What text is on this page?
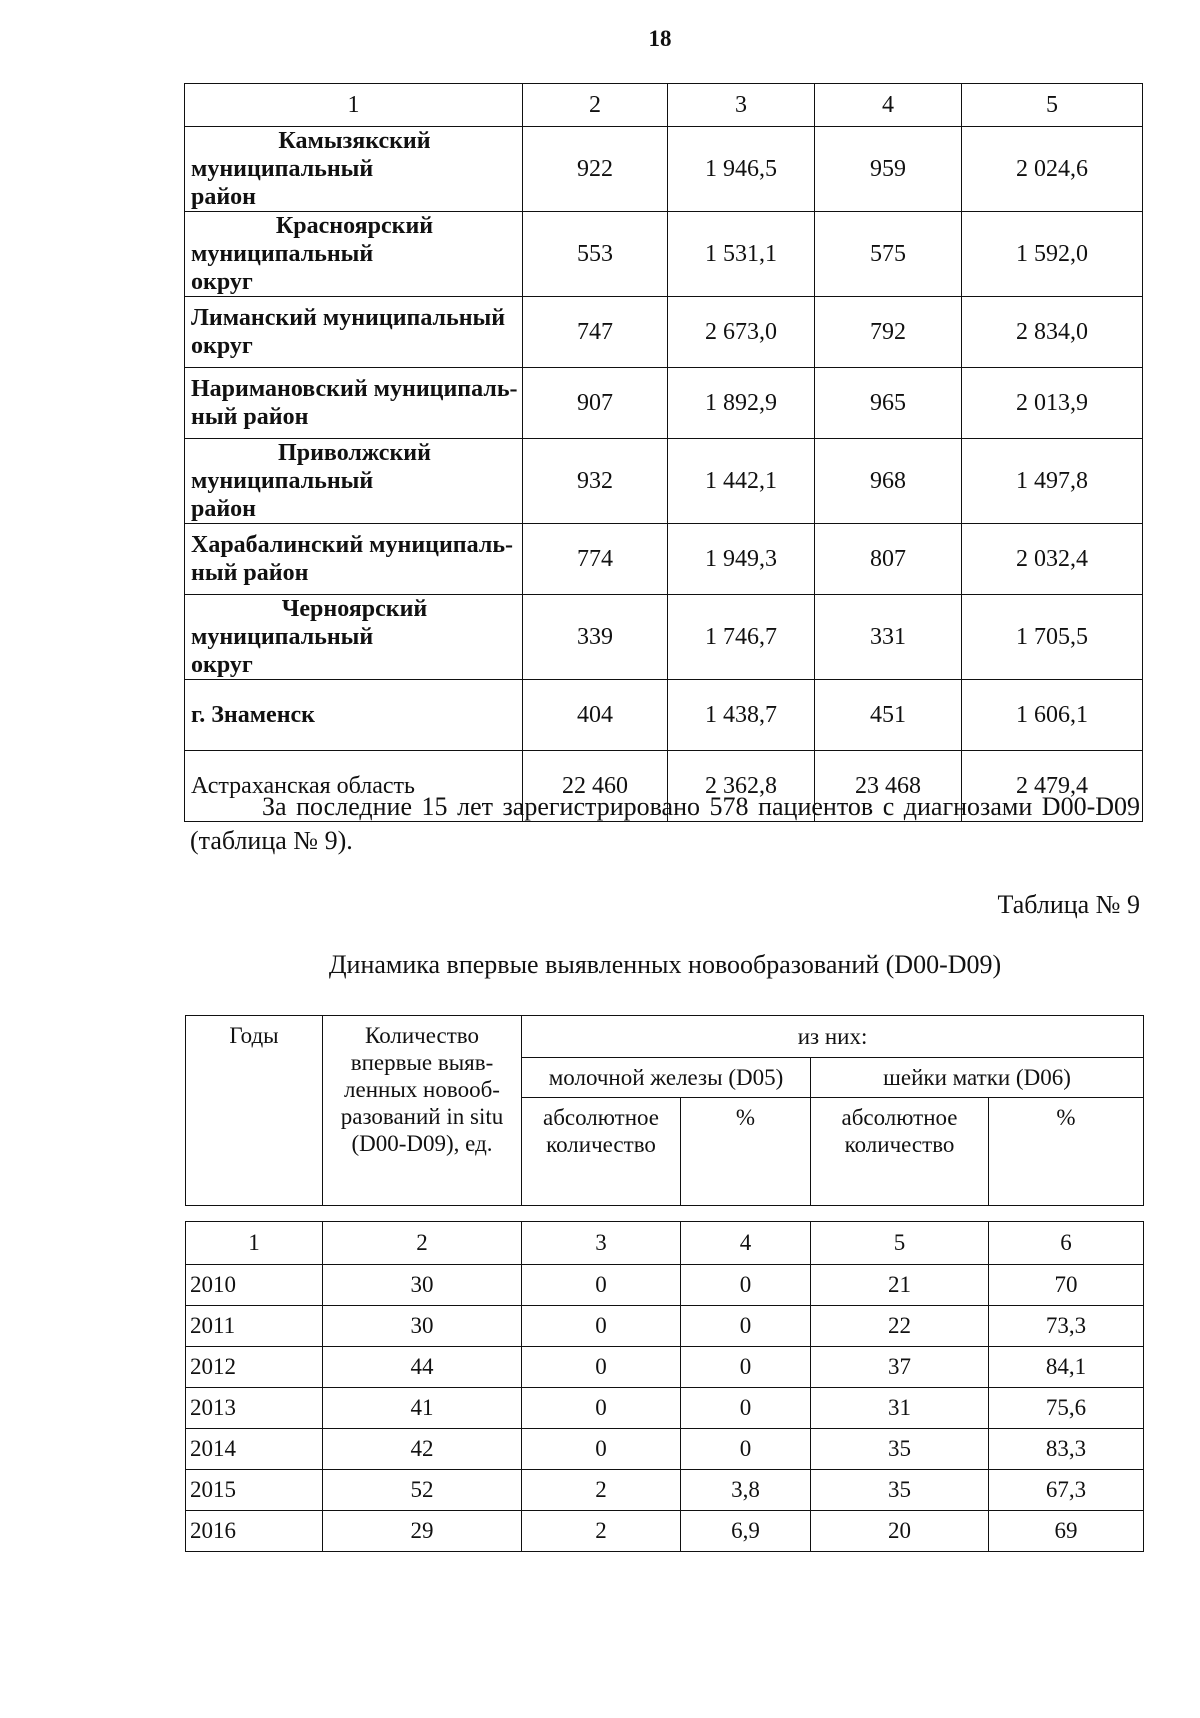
18
1	2	3	4	5
Камызякский муниципальный
район	922	1 946,5	959	2 024,6
Красноярский муниципальный
округ	553	1 531,1	575	1 592,0
Лиманский муниципальный
округ	747	2 673,0	792	2 834,0
Наримановский муниципаль-
ный район	907	1 892,9	965	2 013,9
Приволжский муниципальный
район	932	1 442,1	968	1 497,8
Харабалинский муниципаль-
ный район	774	1 949,3	807	2 032,4
Черноярский муниципальный
округ	339	1 746,7	331	1 705,5
г. Знаменск	404	1 438,7	451	1 606,1
Астраханская область	22 460	2 362,8	23 468	2 479,4
За последние 15 лет зарегистрировано 578 пациентов с диагнозами D00-D09 (таблица № 9).
Таблица № 9
Динамика впервые выявленных новообразований (D00-D09)
Годы	Количество впервые выяв-ленных новооб-разований in situ (D00-D09), ед.	из них:			
		молочной железы (D05)		шейки матки (D06)	
		абсолютное количество	%	абсолютное количество	%
1	2	3	4	5	6
2010	30	0	0	21	70
2011	30	0	0	22	73,3
2012	44	0	0	37	84,1
2013	41	0	0	31	75,6
2014	42	0	0	35	83,3
2015	52	2	3,8	35	67,3
2016	29	2	6,9	20	69
